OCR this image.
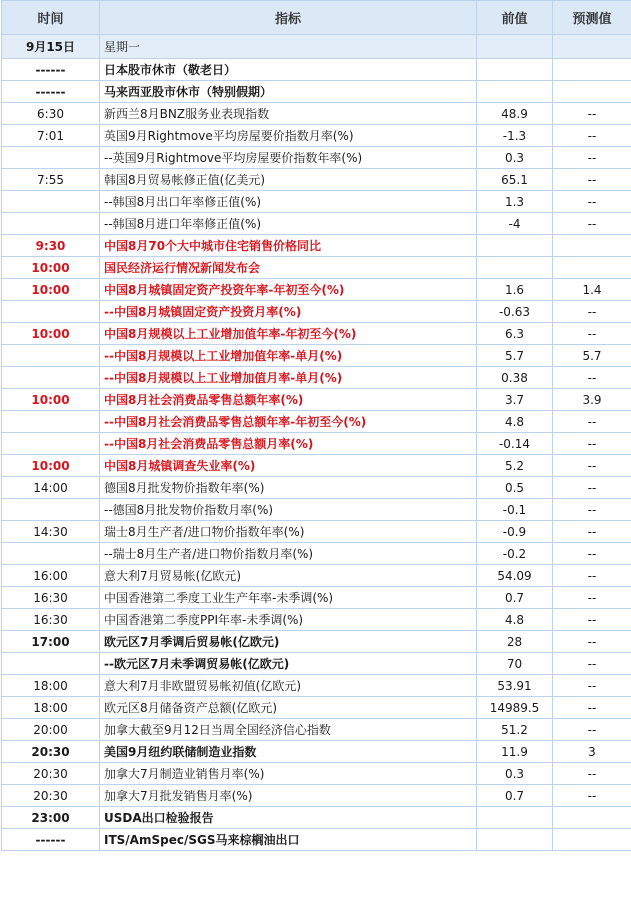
时间	指标	前值	预测值
9月15日	星期一		
------	日本股市休市（敬老日）		
------	马来西亚股市休市（特别假期）		
6:30	新西兰8月BNZ服务业表现指数	48.9	--
7:01	英国9月Rightmove平均房屋要价指数月率(%)	-1.3	--
	--英国9月Rightmove平均房屋要价指数年率(%)	0.3	--
7:55	韩国8月贸易帐修正值(亿美元)	65.1	--
	--韩国8月出口年率修正值(%)	1.3	--
	--韩国8月进口年率修正值(%)	-4	--
9:30	中国8月70个大中城市住宅销售价格同比		
10:00	国民经济运行情况新闻发布会		
10:00	中国8月城镇固定资产投资年率-年初至今(%)	1.6	1.4
	--中国8月城镇固定资产投资月率(%)	-0.63	--
10:00	中国8月规模以上工业增加值年率-年初至今(%)	6.3	--
	--中国8月规模以上工业增加值年率-单月(%)	5.7	5.7
	--中国8月规模以上工业增加值月率-单月(%)	0.38	--
10:00	中国8月社会消费品零售总额年率(%)	3.7	3.9
	--中国8月社会消费品零售总额年率-年初至今(%)	4.8	--
	--中国8月社会消费品零售总额月率(%)	-0.14	--
10:00	中国8月城镇调查失业率(%)	5.2	--
14:00	德国8月批发物价指数年率(%)	0.5	--
	--德国8月批发物价指数月率(%)	-0.1	--
14:30	瑞士8月生产者/进口物价指数年率(%)	-0.9	--
	--瑞士8月生产者/进口物价指数月率(%)	-0.2	--
16:00	意大利7月贸易帐(亿欧元)	54.09	--
16:30	中国香港第二季度工业生产年率-未季调(%)	0.7	--
16:30	中国香港第二季度PPI年率-未季调(%)	4.8	--
17:00	欧元区7月季调后贸易帐(亿欧元)	28	--
	--欧元区7月未季调贸易帐(亿欧元)	70	--
18:00	意大利7月非欧盟贸易帐初值(亿欧元)	53.91	--
18:00	欧元区8月储备资产总额(亿欧元)	14989.5	--
20:00	加拿大截至9月12日当周全国经济信心指数	51.2	--
20:30	美国9月纽约联储制造业指数	11.9	3
20:30	加拿大7月制造业销售月率(%)	0.3	--
20:30	加拿大7月批发销售月率(%)	0.7	--
23:00	USDA出口检验报告		
------	ITS/AmSpec/SGS马来棕榈油出口		
